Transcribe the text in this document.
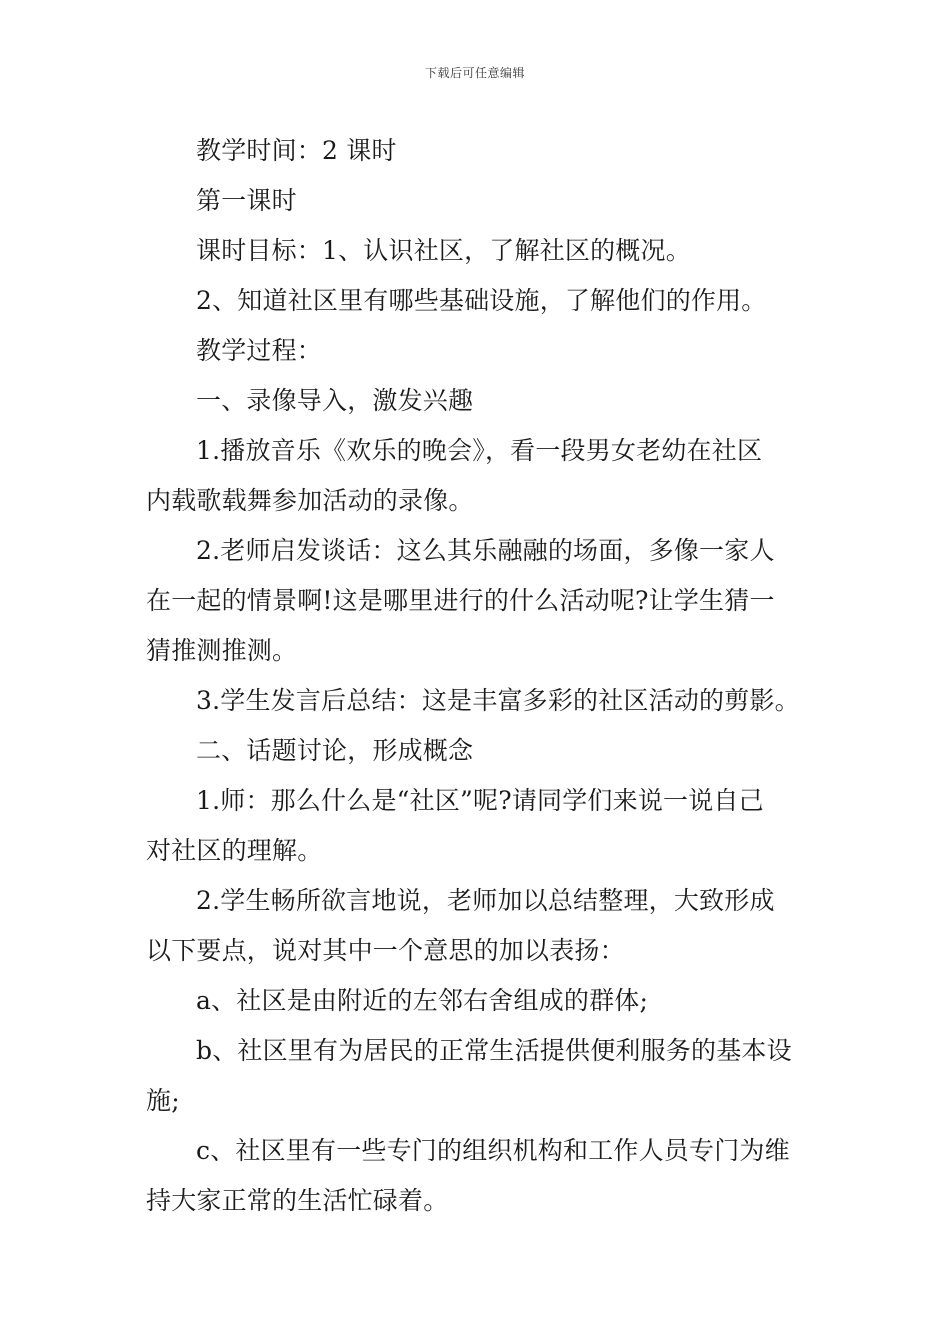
下载后可任意编辑
教学时间：2 课时
第一课时
课时目标：1、认识社区，了解社区的概况。
2、知道社区里有哪些基础设施，了解他们的作用。
教学过程：
一、录像导入，激发兴趣
1.播放音乐《欢乐的晚会》，看一段男女老幼在社区
内载歌载舞参加活动的录像。
2.老师启发谈话：这么其乐融融的场面，多像一家人
在一起的情景啊!这是哪里进行的什么活动呢?让学生猜一
猜推测推测。
3.学生发言后总结：这是丰富多彩的社区活动的剪影。
二、话题讨论，形成概念
1.师：那么什么是“社区”呢?请同学们来说一说自己
对社区的理解。
2.学生畅所欲言地说，老师加以总结整理，大致形成
以下要点，说对其中一个意思的加以表扬：
a、社区是由附近的左邻右舍组成的群体;
b、社区里有为居民的正常生活提供便利服务的基本设
施;
c、社区里有一些专门的组织机构和工作人员专门为维
持大家正常的生活忙碌着。
